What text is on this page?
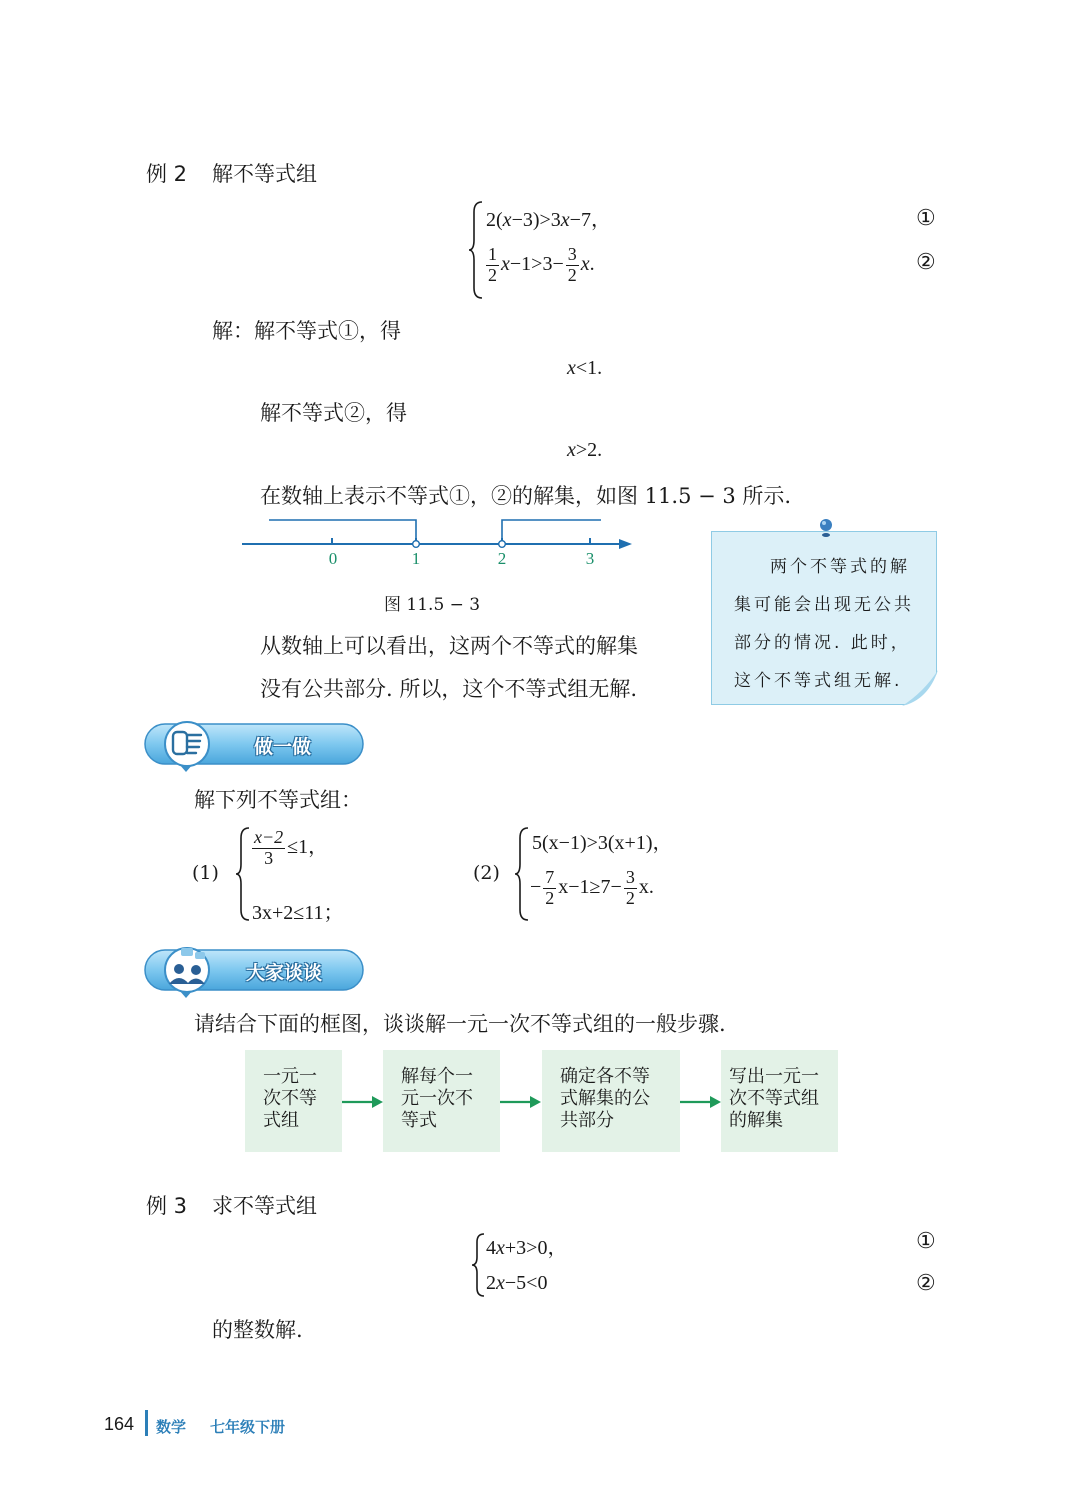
例 2 解不等式组
2(x−3)>3x−7，
$\frac{1}{2} x-1>3- \frac{3}{2} x$.
①
②
解：解不等式①，得
x<1.
解不等式②，得
x>2.
在数轴上表示不等式①，②的解集，如图 11.5 − 3 所示.
0	1	2	3
图 11.5 − 3
从数轴上可以看出，这两个不等式的解集
没有公共部分. 所以，这个不等式组无解.
两个不等式的解
集可能会出现无公共
部分的情况. 此时，
这个不等式组无解.
做一做
解下列不等式组：
(1)
$\frac{x-2}{3} \le 1$，
3x+2≤11；
(2)
5(x−1)>3(x+1)，
− $\frac{7}{2} x-1\ge 7- \frac{3}{2} x$.
大家谈谈
请结合下面的框图，谈谈解一元一次不等式组的一般步骤.
一元一
次不等
式组
解每个一
元一次不
等式
确定各不等
式解集的公
共部分
写出一元一
次不等式组
的解集
例 3 求不等式组
4x+3>0，
2x−5<0
①
②
的整数解.
164 数学 七年级下册
